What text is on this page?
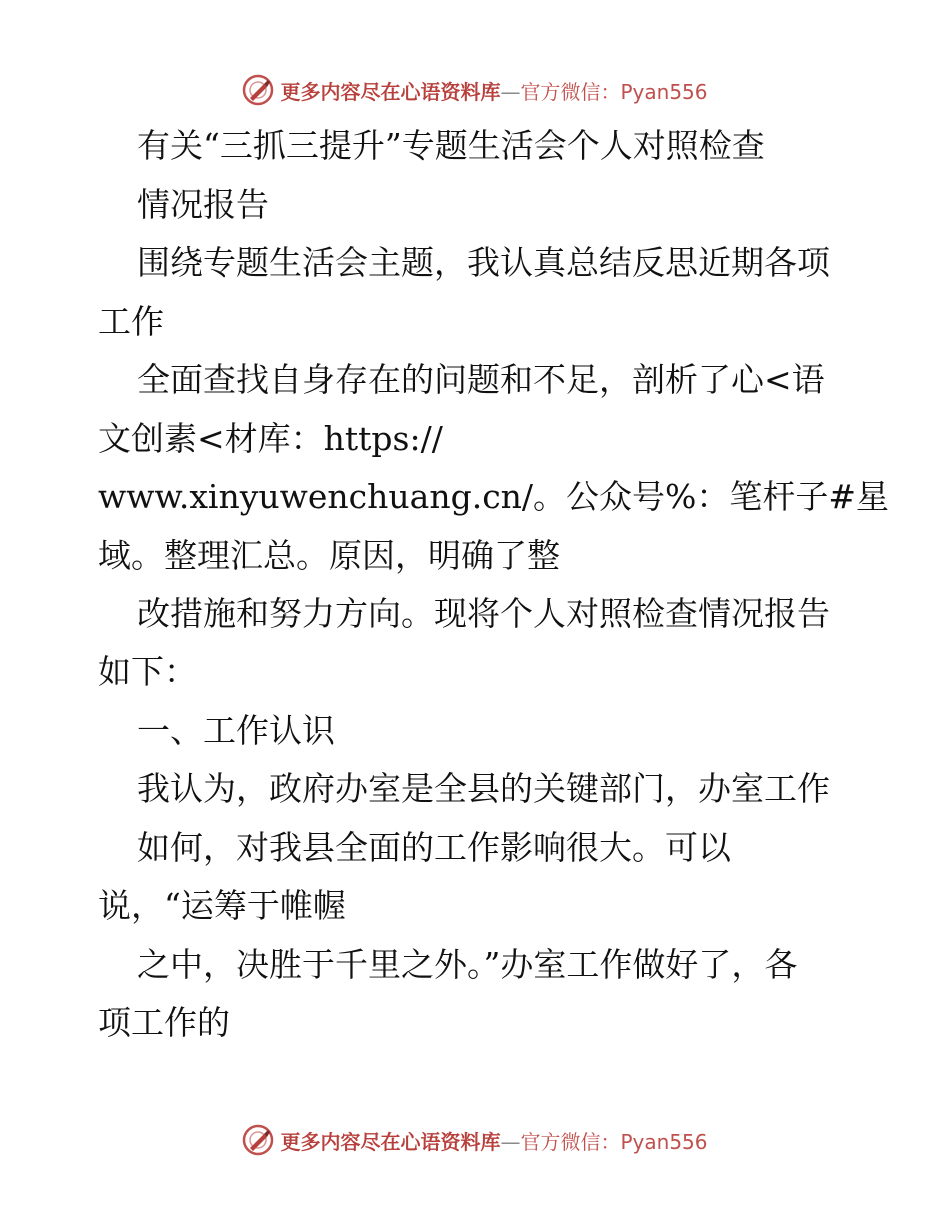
更多内容尽在心语资料库—官方微信：Pyan556
有关“三抓三提升”专题生活会个人对照检查
情况报告
围绕专题生活会主题，我认真总结反思近期各项
工作
全面查找自身存在的问题和不足，剖析了心<语
文创素<材库：https://
www.xinyuwenchuang.cn/。公众号%：笔杆子#星
域。整理汇总。原因，明确了整
改措施和努力方向。现将个人对照检查情况报告
如下：
一、工作认识
我认为，政府办室是全县的关键部门，办室工作
如何，对我县全面的工作影响很大。可以
说，“运筹于帷幄
之中，决胜于千里之外。”办室工作做好了，各
项工作的
更多内容尽在心语资料库—官方微信：Pyan556
